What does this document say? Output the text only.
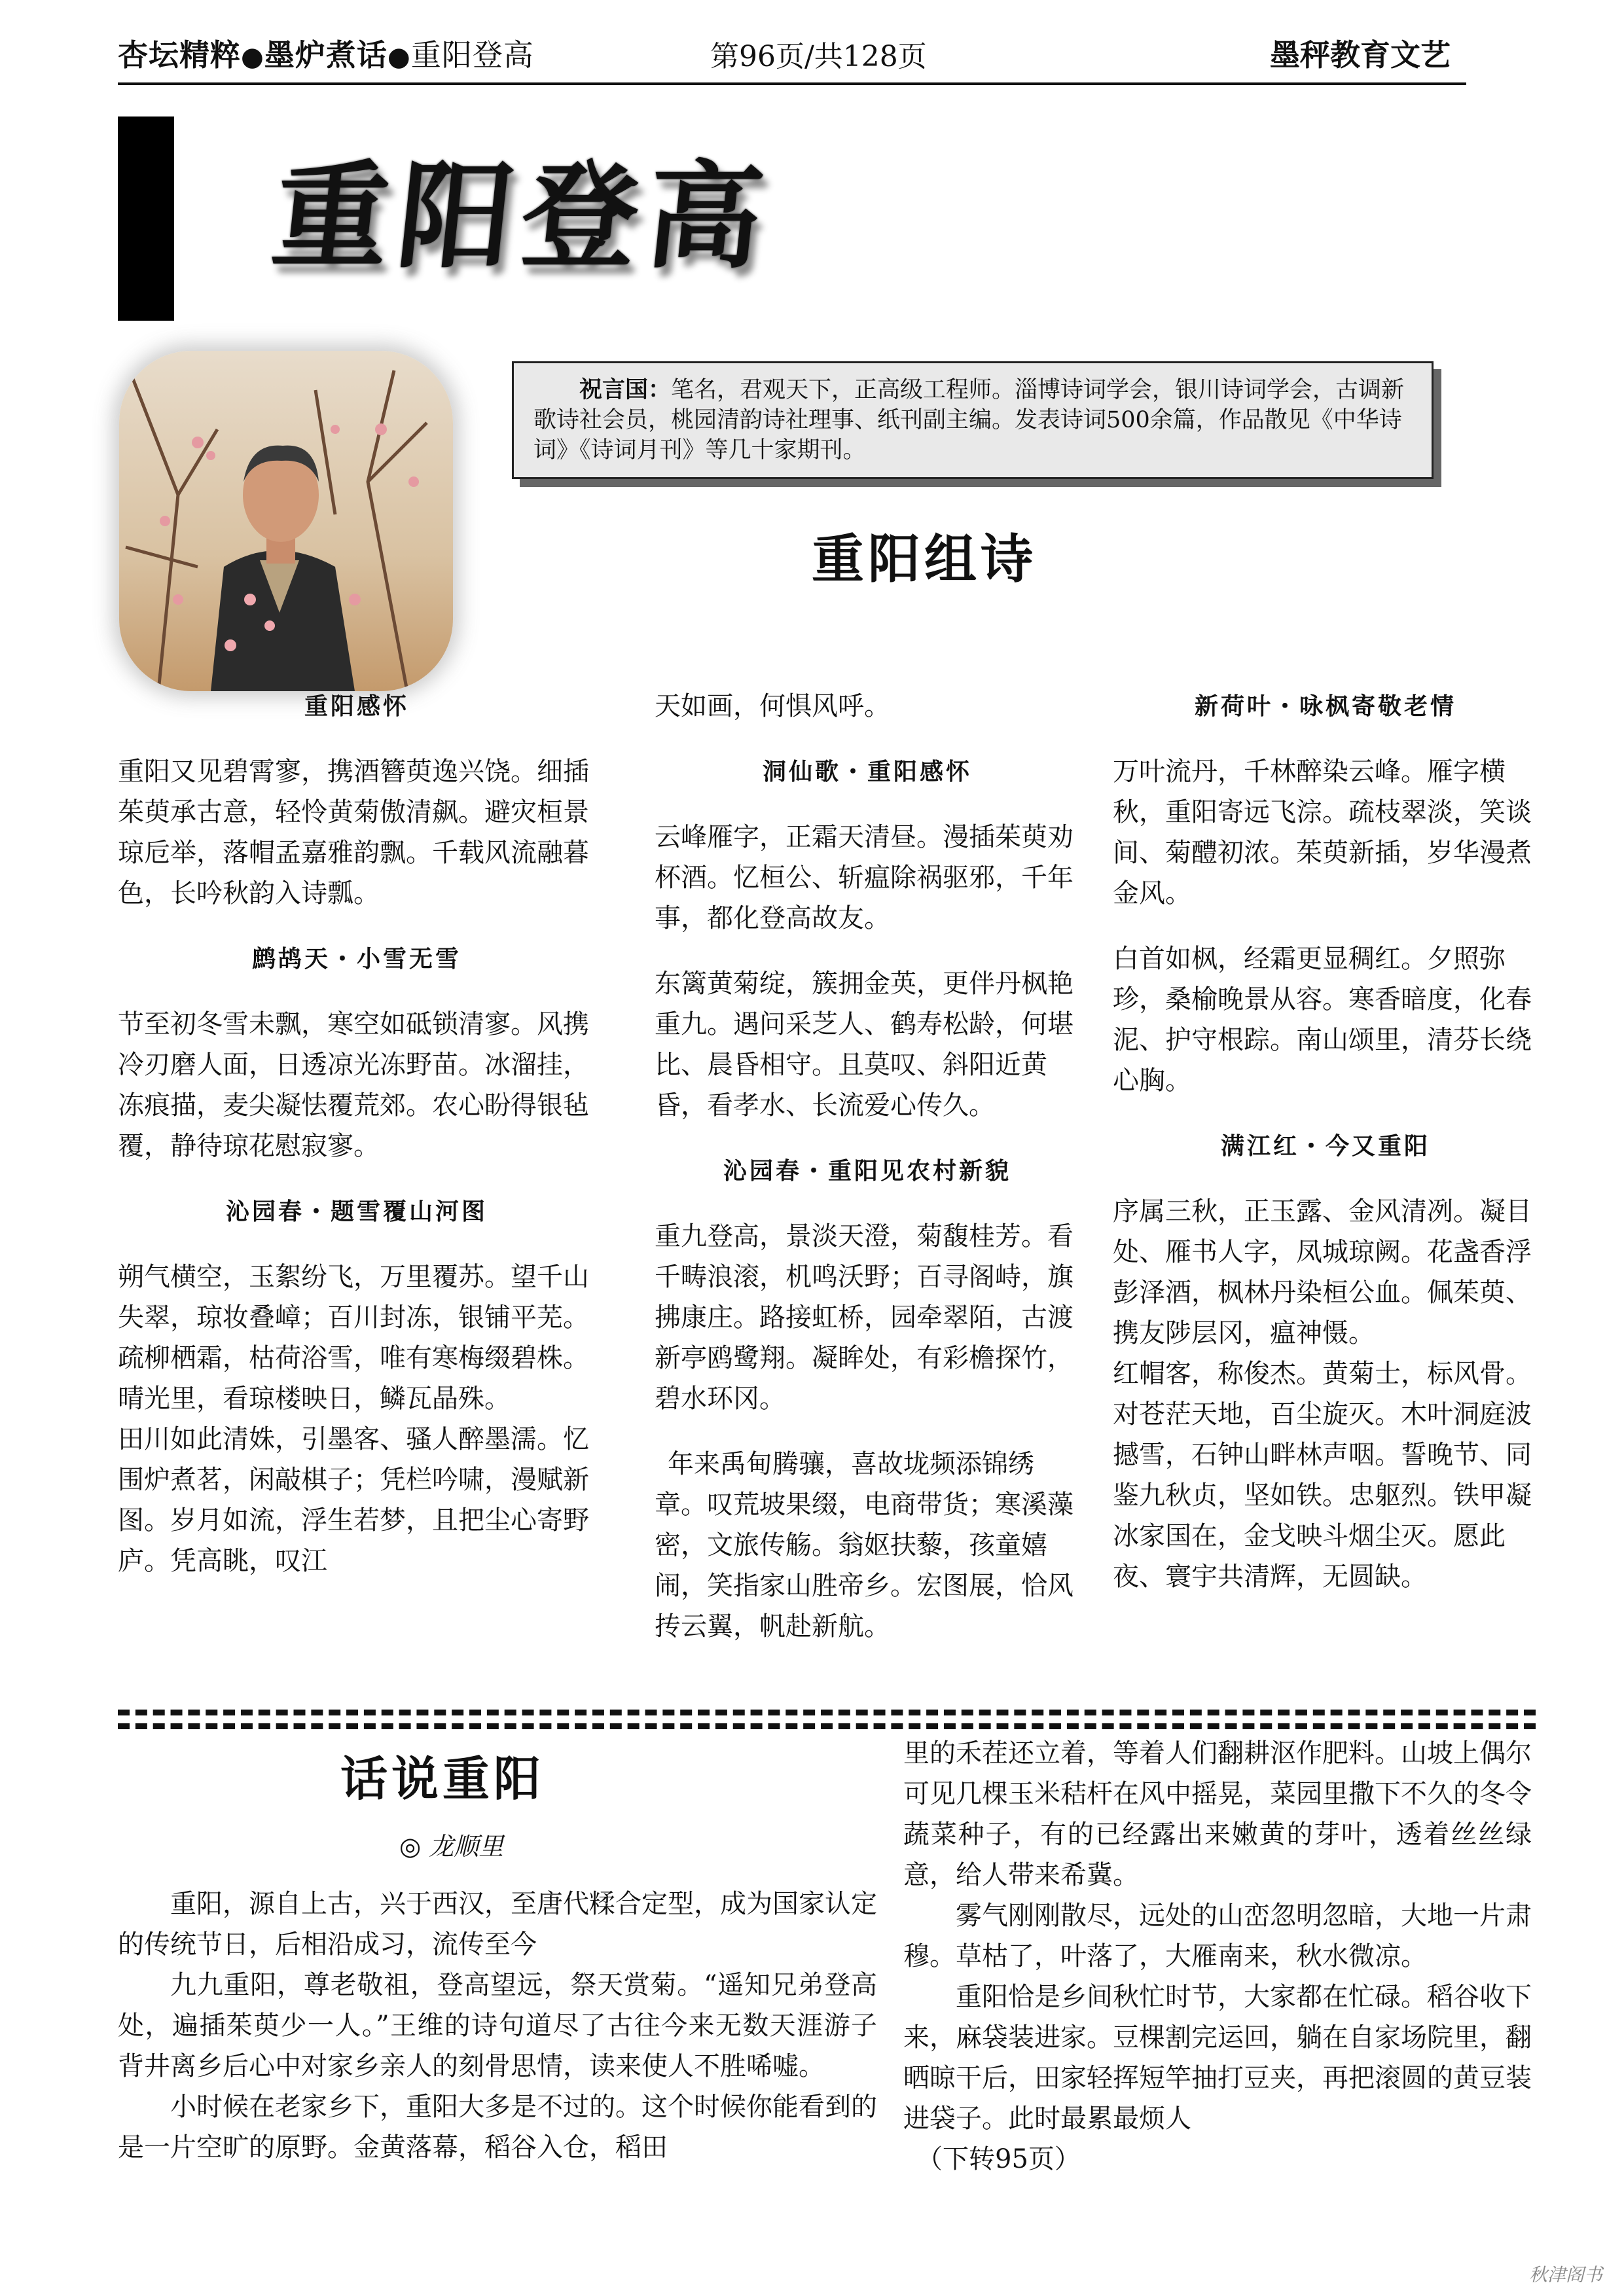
杏坛精粹●墨炉煮话●重阳登高	第96页/共128页	墨秤教育文艺
重阳登高
　　祝言国：笔名，君观天下，正高级工程师。淄博诗词学会，银川诗词学会，古调新歌诗社会员，桃园清韵诗社理事、纸刊副主编。发表诗词500余篇，作品散见《中华诗词》《诗词月刊》等几十家期刊。
重阳组诗

重阳感怀

重阳又见碧霄寥，携酒簪萸逸兴饶。细插茱萸承古意，轻怜黄菊傲清飙。避灾桓景琼卮举，落帽孟嘉雅韵飘。千载风流融暮色，长吟秋韵入诗瓢。

鹧鸪天・小雪无雪

节至初冬雪未飘，寒空如砥锁清寥。风携冷刃磨人面，日透凉光冻野苗。冰溜挂，冻痕描，麦尖凝怯覆荒郊。农心盼得银毡覆，静待琼花慰寂寥。

沁园春・题雪覆山河图

朔气横空，玉絮纷飞，万里覆苏。望千山失翠，琼妆叠嶂；百川封冻，银铺平芜。疏柳栖霜，枯荷浴雪，唯有寒梅缀碧株。晴光里，看琼楼映日，鳞瓦晶殊。

田川如此清姝，引墨客、骚人醉墨濡。忆围炉煮茗，闲敲棋子；凭栏吟啸，漫赋新图。岁月如流，浮生若梦，且把尘心寄野庐。凭高眺，叹江

天如画，何惧风呼。

洞仙歌・重阳感怀

云峰雁字，正霜天清昼。漫插茱萸劝杯酒。忆桓公、斩瘟除祸驱邪，千年事，都化登高故友。

东篱黄菊绽，簇拥金英，更伴丹枫艳重九。遇问采芝人、鹤寿松龄，何堪比、晨昏相守。且莫叹、斜阳近黄昏，看孝水、长流爱心传久。

沁园春・重阳见农村新貌

重九登高，景淡天澄，菊馥桂芳。看千畴浪滚，机鸣沃野；百寻阁峙，旗拂康庄。路接虹桥，园牵翠陌，古渡新亭鸥鹭翔。凝眸处，有彩檐探竹，碧水环冈。

年来禹甸腾骧，喜故垅频添锦绣章。叹荒坡果缀，电商带货；寒溪藻密，文旅传觞。翁妪扶藜，孩童嬉闹，笑指家山胜帝乡。宏图展，恰风抟云翼，帆赴新航。

新荷叶・咏枫寄敬老情

万叶流丹，千林醉染云峰。雁字横秋，重阳寄远飞淙。疏枝翠淡，笑谈间、菊醴初浓。茱萸新插，岁华漫煮金风。

白首如枫，经霜更显稠红。夕照弥珍，桑榆晚景从容。寒香暗度，化春泥、护守根踪。南山颂里，清芬长绕心胸。

满江红・今又重阳

序属三秋，正玉露、金风清冽。凝目处、雁书人字，凤城琼阙。花盏香浮彭泽酒，枫林丹染桓公血。佩茱萸、携友陟层冈，瘟神慑。

红帽客，称俊杰。黄菊士，标风骨。对苍茫天地，百尘旋灭。木叶洞庭波撼雪，石钟山畔林声咽。誓晚节、同鉴九秋贞，坚如铁。忠躯烈。铁甲凝冰家国在，金戈映斗烟尘灭。愿此夜、寰宇共清辉，无圆缺。

话说重阳
◎ 龙顺里

重阳，源自上古，兴于西汉，至唐代糅合定型，成为国家认定的传统节日，后相沿成习，流传至今

九九重阳，尊老敬祖，登高望远，祭天赏菊。“遥知兄弟登高处，遍插茱萸少一人。”王维的诗句道尽了古往今来无数天涯游子背井离乡后心中对家乡亲人的刻骨思情，读来使人不胜唏嘘。

小时候在老家乡下，重阳大多是不过的。这个时候你能看到的是一片空旷的原野。金黄落幕，稻谷入仓，稻田

里的禾茬还立着，等着人们翻耕沤作肥料。山坡上偶尔可见几棵玉米秸杆在风中摇晃，菜园里撒下不久的冬令蔬菜种子，有的已经露出来嫩黄的芽叶，透着丝丝绿意，给人带来希冀。

雾气刚刚散尽，远处的山峦忽明忽暗，大地一片肃穆。草枯了，叶落了，大雁南来，秋水微凉。

重阳恰是乡间秋忙时节，大家都在忙碌。稻谷收下来，麻袋装进家。豆棵割完运回，躺在自家场院里，翻晒晾干后，田家轻挥短竿抽打豆夹，再把滚圆的黄豆装进袋子。此时最累最烦人

（下转95页）

秋津阁书
